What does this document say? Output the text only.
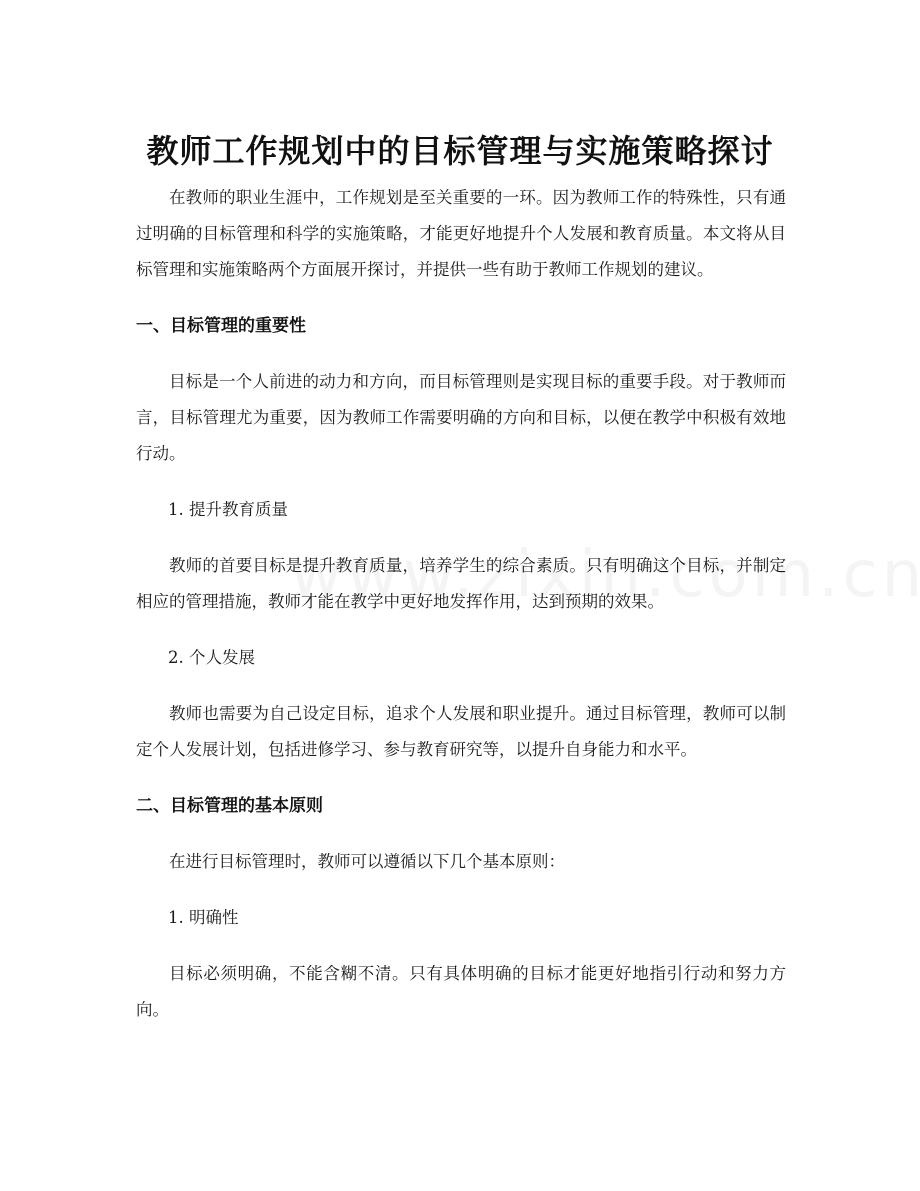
教师工作规划中的目标管理与实施策略探讨

在教师的职业生涯中，工作规划是至关重要的一环。因为教师工作的特殊性，只有通过明确的目标管理和科学的实施策略，才能更好地提升个人发展和教育质量。本文将从目标管理和实施策略两个方面展开探讨，并提供一些有助于教师工作规划的建议。

一、目标管理的重要性

目标是一个人前进的动力和方向，而目标管理则是实现目标的重要手段。对于教师而言，目标管理尤为重要，因为教师工作需要明确的方向和目标，以便在教学中积极有效地行动。

1. 提升教育质量

教师的首要目标是提升教育质量，培养学生的综合素质。只有明确这个目标，并制定相应的管理措施，教师才能在教学中更好地发挥作用，达到预期的效果。

2. 个人发展

教师也需要为自己设定目标，追求个人发展和职业提升。通过目标管理，教师可以制定个人发展计划，包括进修学习、参与教育研究等，以提升自身能力和水平。

二、目标管理的基本原则

在进行目标管理时，教师可以遵循以下几个基本原则：

1. 明确性

目标必须明确，不能含糊不清。只有具体明确的目标才能更好地指引行动和努力方向。
